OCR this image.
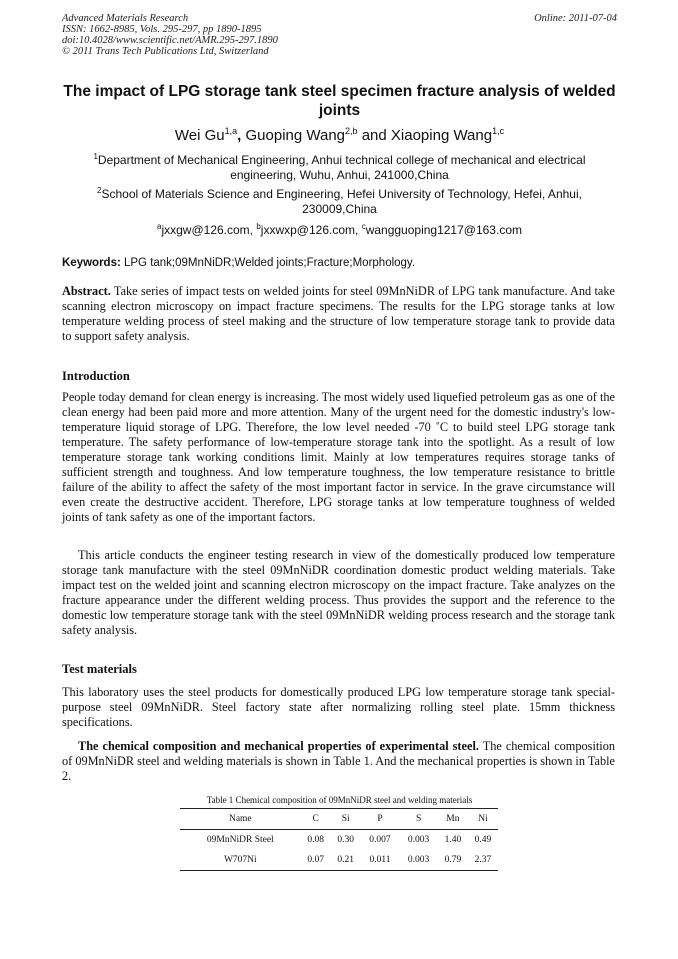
Advanced Materials Research
ISSN: 1662-8985, Vols. 295-297, pp 1890-1895
doi:10.4028/www.scientific.net/AMR.295-297.1890
© 2011 Trans Tech Publications Ltd, Switzerland
Online: 2011-07-04
The impact of LPG storage tank steel specimen fracture analysis of welded joints
Wei Gu$^{1,a}$, Guoping Wang$^{2,b}$ and Xiaoping Wang$^{1,c}$
$^1$Department of Mechanical Engineering, Anhui technical college of mechanical and electrical engineering, Wuhu, Anhui, 241000,China
$^2$School of Materials Science and Engineering, Hefei University of Technology, Hefei, Anhui, 230009,China
$^a$jxxgw@126.com, $^b$jxxwxp@126.com, $^c$wangguoping1217@163.com
Keywords: LPG tank;09MnNiDR;Welded joints;Fracture;Morphology.
Abstract. Take series of impact tests on welded joints for steel 09MnNiDR of LPG tank manufacture. And take scanning electron microscopy on impact fracture specimens. The results for the LPG storage tanks at low temperature welding process of steel making and the structure of low temperature storage tank to provide data to support safety analysis.
Introduction
People today demand for clean energy is increasing. The most widely used liquefied petroleum gas as one of the clean energy had been paid more and more attention. Many of the urgent need for the domestic industry's low-temperature liquid storage of LPG. Therefore, the low level needed -70 ˚C to build steel LPG storage tank temperature. The safety performance of low-temperature storage tank into the spotlight. As a result of low temperature storage tank working conditions limit. Mainly at low temperatures requires storage tanks of sufficient strength and toughness. And low temperature toughness, the low temperature resistance to brittle failure of the ability to affect the safety of the most important factor in service. In the grave circumstance will even create the destructive accident. Therefore, LPG storage tanks at low temperature toughness of welded joints of tank safety as one of the important factors.
This article conducts the engineer testing research in view of the domestically produced low temperature storage tank manufacture with the steel 09MnNiDR coordination domestic product welding materials. Take impact test on the welded joint and scanning electron microscopy on the impact fracture. Take analyzes on the fracture appearance under the different welding process. Thus provides the support and the reference to the domestic low temperature storage tank with the steel 09MnNiDR welding process research and the storage tank safety analysis.
Test materials
This laboratory uses the steel products for domestically produced LPG low temperature storage tank special-purpose steel 09MnNiDR. Steel factory state after normalizing rolling steel plate. 15mm thickness specifications.
The chemical composition and mechanical properties of experimental steel. The chemical composition of 09MnNiDR steel and welding materials is shown in Table 1. And the mechanical properties is shown in Table 2.
Table 1 Chemical composition of 09MnNiDR steel and welding materials
Name	C	Si	P	S	Mn	Ni
09MnNiDR Steel	0.08	0.30	0.007	0.003	1.40	0.49
W707Ni	0.07	0.21	0.011	0.003	0.79	2.37
